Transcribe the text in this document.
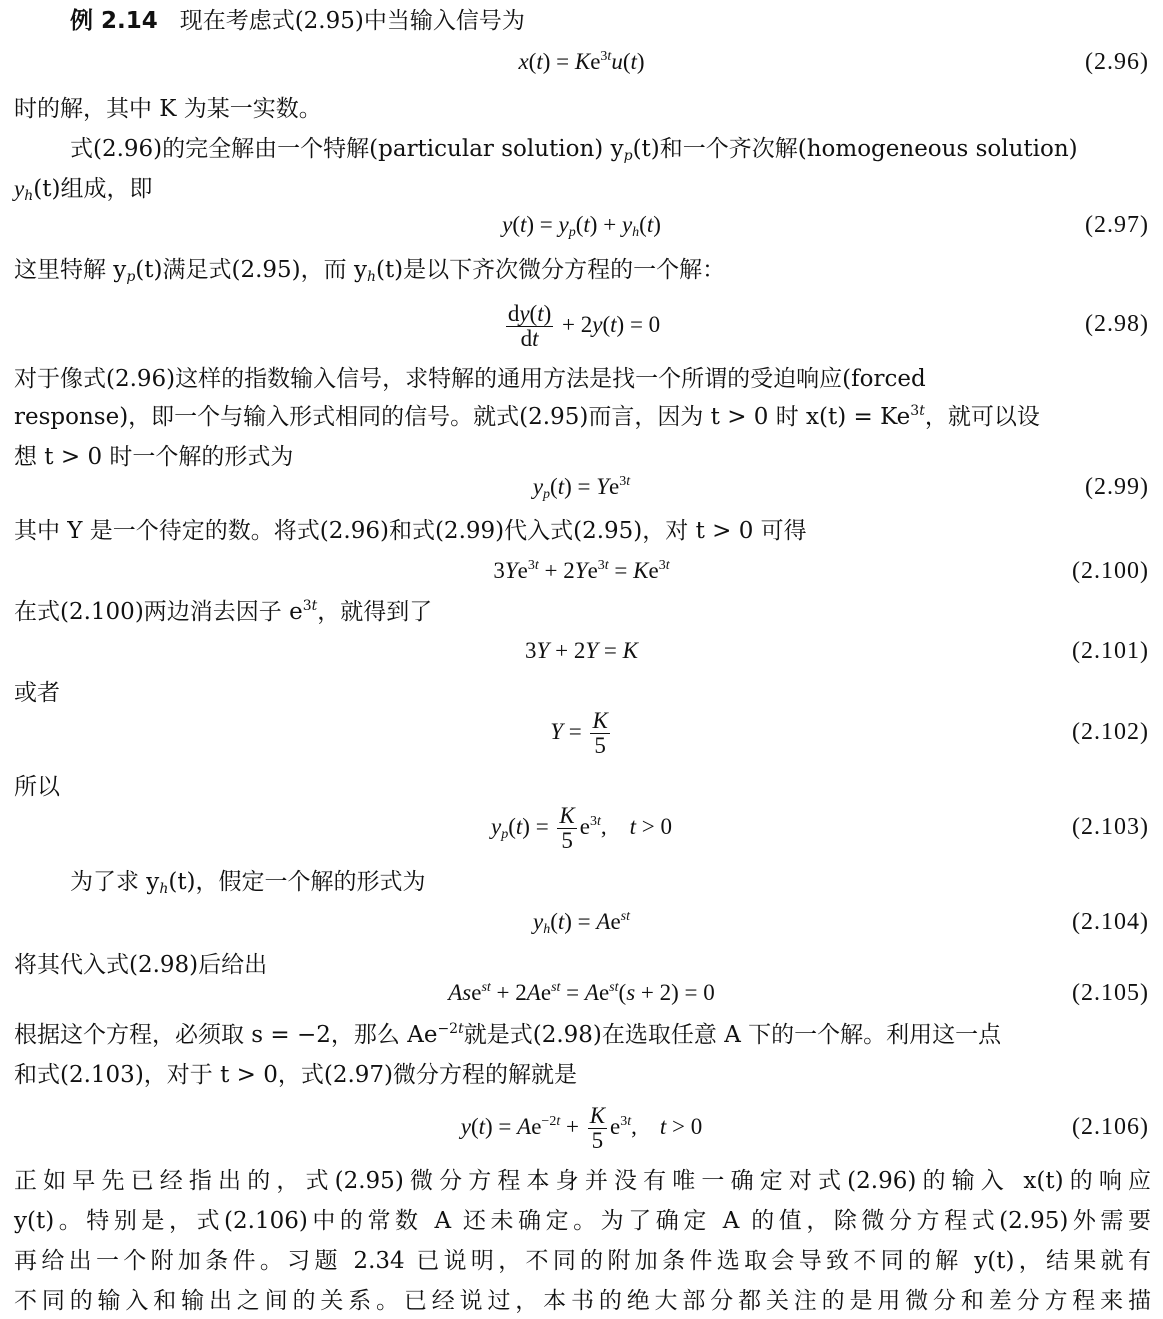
例 2.14 现在考虑式(2.95)中当输入信号为
$x(t) = Ke^{3t}u(t)$	(2.96)
时的解，其中 K 为某一实数。
式(2.96)的完全解由一个特解(particular solution) $y_p(t)$和一个齐次解(homogeneous solution)
$y_h(t)$组成，即
$y(t) = y_p(t) + y_h(t)$	(2.97)
这里特解 $y_p(t)$满足式(2.95)，而 $y_h(t)$是以下齐次微分方程的一个解：
$\frac{dy(t)}{dt} + 2y(t) = 0$	(2.98)
对于像式(2.96)这样的指数输入信号，求特解的通用方法是找一个所谓的受迫响应(forced
response)，即一个与输入形式相同的信号。就式(2.95)而言，因为 t > 0 时 $x(t) = Ke^{3t}$，就可以设
想 t > 0 时一个解的形式为
$y_p(t) = Ye^{3t}$	(2.99)
其中 Y 是一个待定的数。将式(2.96)和式(2.99)代入式(2.95)，对 t > 0 可得
$3Ye^{3t} + 2Ye^{3t} = Ke^{3t}$	(2.100)
在式(2.100)两边消去因子 $e^{3t}$，就得到了
3Y + 2Y = K	(2.101)
或者
$Y = \frac{K}{5}$	(2.102)
所以
$y_p(t) = \frac{K}{5} e^{3t}$,    t > 0	(2.103)
为了求 $y_h(t)$，假定一个解的形式为
$y_h(t) = Ae^{st}$	(2.104)
将其代入式(2.98)后给出
$Ase^{st} + 2Ae^{st} = Ae^{st}(s + 2) = 0$	(2.105)
根据这个方程，必须取 s = −2，那么 $Ae^{-2t}$就是式(2.98)在选取任意 A 下的一个解。利用这一点
和式(2.103)，对于 t > 0，式(2.97)微分方程的解就是
$y(t) = Ae^{-2t} + \frac{K}{5} e^{3t}$,    t > 0	(2.106)
正如早先已经指出的，式(2.95)微分方程本身并没有唯一确定对式(2.96)的输入 x(t)的响应
y(t)。特别是，式(2.106)中的常数 A 还未确定。为了确定 A 的值，除微分方程式(2.95)外需要
再给出一个附加条件。习题 2.34 已说明，不同的附加条件选取会导致不同的解 y(t)，结果就有
不同的输入和输出之间的关系。已经说过，本书的绝大部分都关注的是用微分和差分方程来描
